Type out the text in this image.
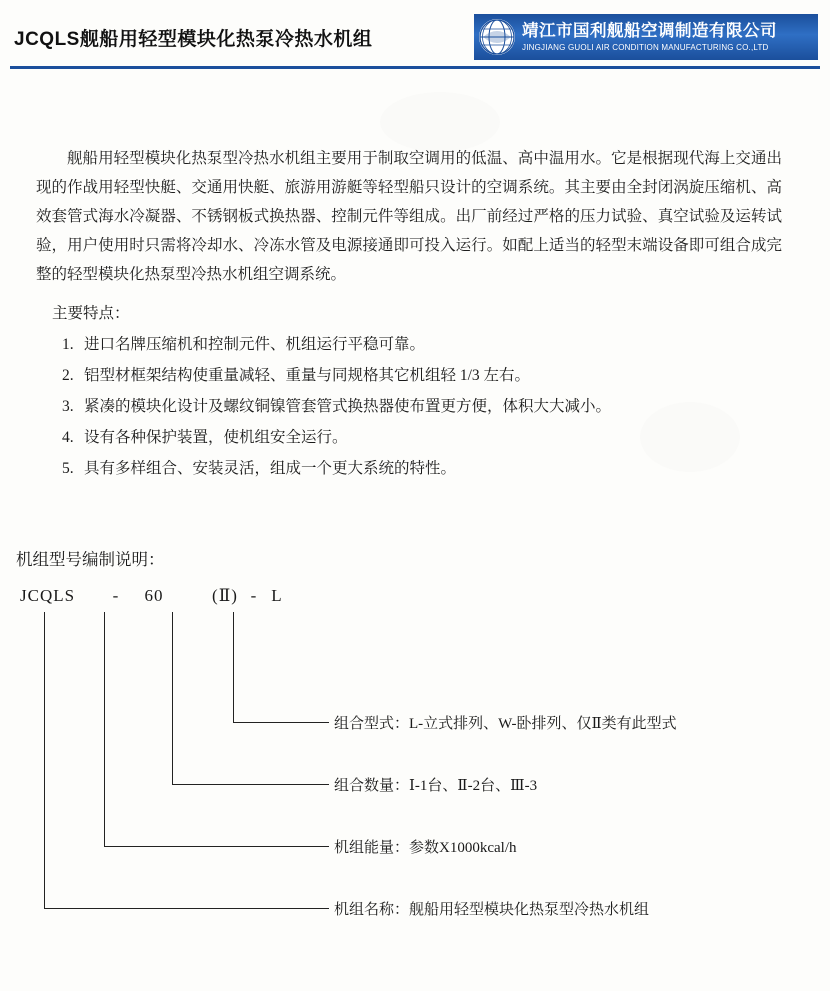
JCQLS舰船用轻型模块化热泵冷热水机组	靖江市国利舰船空调制造有限公司
JINGJIANG GUOLI AIR CONDITION MANUFACTURING CO.,LTD

舰船用轻型模块化热泵型冷热水机组主要用于制取空调用的低温、高中温用水。它是根据现代海上交通出现的作战用轻型快艇、交通用快艇、旅游用游艇等轻型船只设计的空调系统。其主要由全封闭涡旋压缩机、高效套管式海水冷凝器、不锈钢板式换热器、控制元件等组成。出厂前经过严格的压力试验、真空试验及运转试验，用户使用时只需将冷却水、冷冻水管及电源接通即可投入运行。如配上适当的轻型末端设备即可组合成完整的轻型模块化热泵型冷热水机组空调系统。

主要特点：
1. 进口名牌压缩机和控制元件、机组运行平稳可靠。
2. 铝型材框架结构使重量减轻、重量与同规格其它机组轻 1/3 左右。
3. 紧凑的模块化设计及螺纹铜镍管套管式换热器使布置更方便，体积大大减小。
4. 设有各种保护装置，使机组安全运行。
5. 具有多样组合、安装灵活，组成一个更大系统的特性。
机组型号编制说明：
JCQLS - 60	(Ⅱ) - L
组合型式：L-立式排列、W-卧排列、仅Ⅱ类有此型式
组合数量：Ⅰ-1台、Ⅱ-2台、Ⅲ-3
机组能量：参数X1000kcal/h
机组名称：舰船用轻型模块化热泵型冷热水机组
